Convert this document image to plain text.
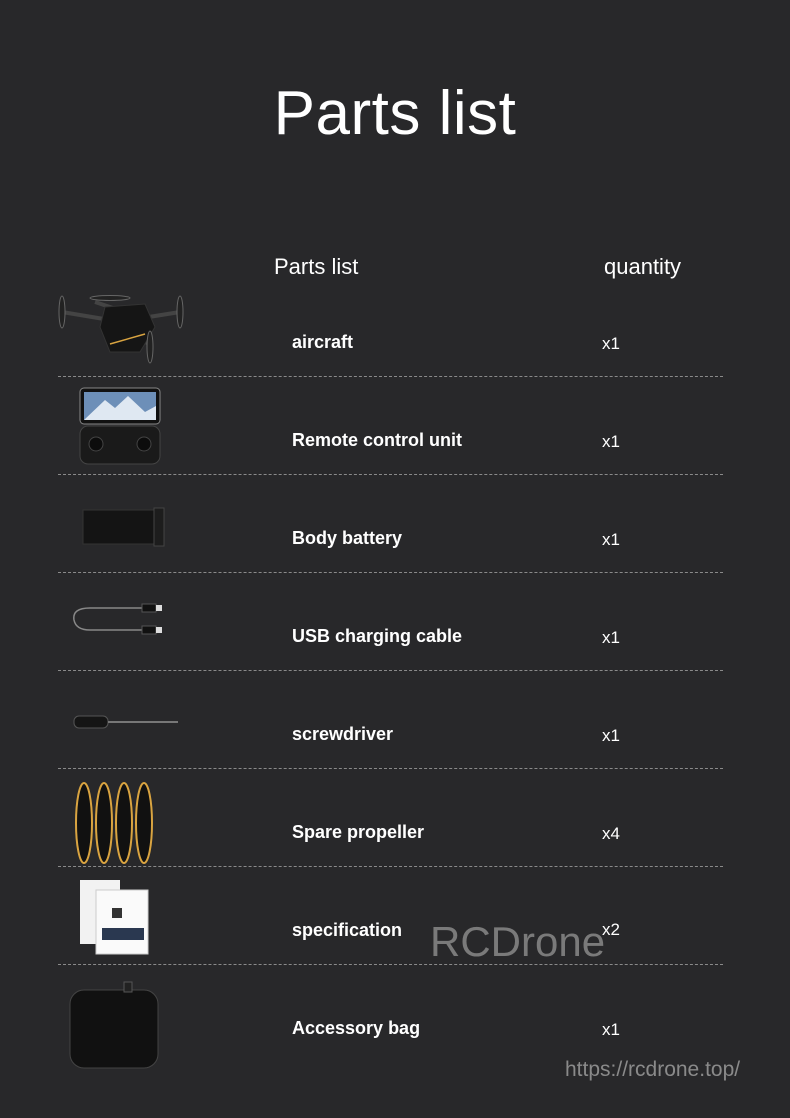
Parts list
Parts list	quantity
aircraft	x1
Remote control unit	x1
Body battery	x1
USB charging cable	x1
screwdriver	x1
Spare propeller	x4
specification	x2
Accessory bag	x1
RCDrone
https://rcdrone.top/
